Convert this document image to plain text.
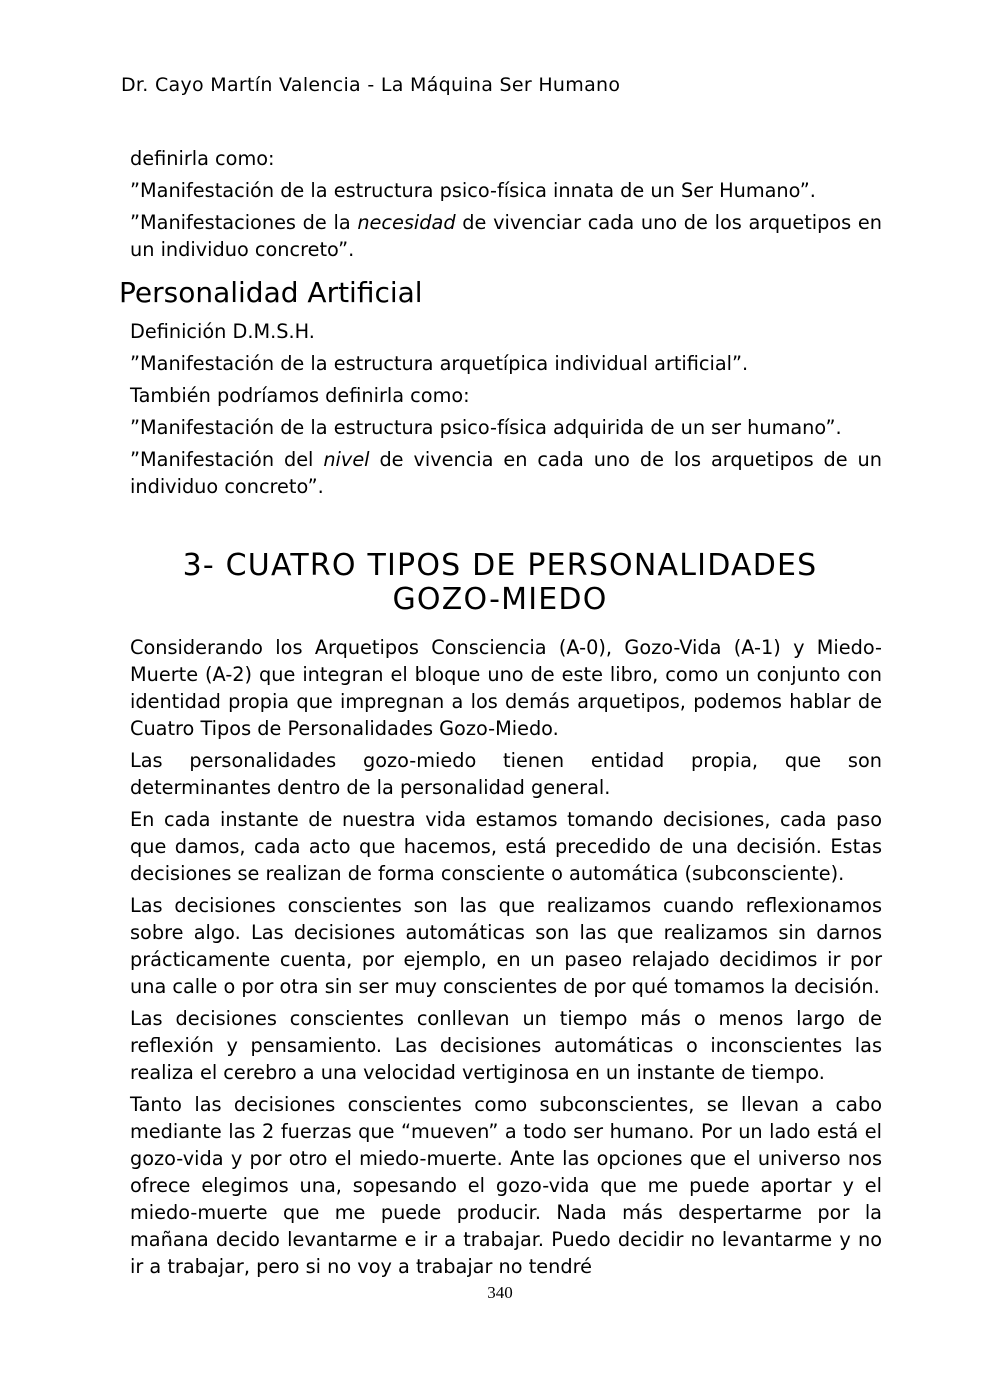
Dr. Cayo Martín Valencia - La Máquina Ser Humano

definirla como:

”Manifestación de la estructura psico-física innata de un Ser Humano”.

”Manifestaciones de la necesidad de vivenciar cada uno de los arquetipos en un individuo concreto”.

Personalidad Artificial

Definición D.M.S.H.

”Manifestación de la estructura arquetípica individual artificial”.

También podríamos definirla como:

”Manifestación de la estructura psico-física adquirida de un ser humano”.

”Manifestación del nivel de vivencia en cada uno de los arquetipos de un individuo concreto”.

3- CUATRO TIPOS DE PERSONALIDADES
GOZO-MIEDO

Considerando los Arquetipos Consciencia (A-0), Gozo-Vida (A-1) y Miedo-Muerte (A-2) que integran el bloque uno de este libro, como un conjunto con identidad propia que impregnan a los demás arquetipos, podemos hablar de Cuatro Tipos de Personalidades Gozo-Miedo.

Las personalidades gozo-miedo tienen entidad propia, que son determinantes dentro de la personalidad general.

En cada instante de nuestra vida estamos tomando decisiones, cada paso que damos, cada acto que hacemos, está precedido de una decisión. Estas decisiones se realizan de forma consciente o automática (subconsciente).

Las decisiones conscientes son las que realizamos cuando reflexionamos sobre algo. Las decisiones automáticas son las que realizamos sin darnos prácticamente cuenta, por ejemplo, en un paseo relajado decidimos ir por una calle o por otra sin ser muy conscientes de por qué tomamos la decisión.

Las decisiones conscientes conllevan un tiempo más o menos largo de reflexión y pensamiento. Las decisiones automáticas o inconscientes las realiza el cerebro a una velocidad vertiginosa en un instante de tiempo.

Tanto las decisiones conscientes como subconscientes, se llevan a cabo mediante las 2 fuerzas que “mueven” a todo ser humano. Por un lado está el gozo-vida y por otro el miedo-muerte. Ante las opciones que el universo nos ofrece elegimos una, sopesando el gozo-vida que me puede aportar y el miedo-muerte que me puede producir. Nada más despertarme por la mañana decido levantarme e ir a trabajar. Puedo decidir no levantarme y no ir a trabajar, pero si no voy a trabajar no tendré

340
